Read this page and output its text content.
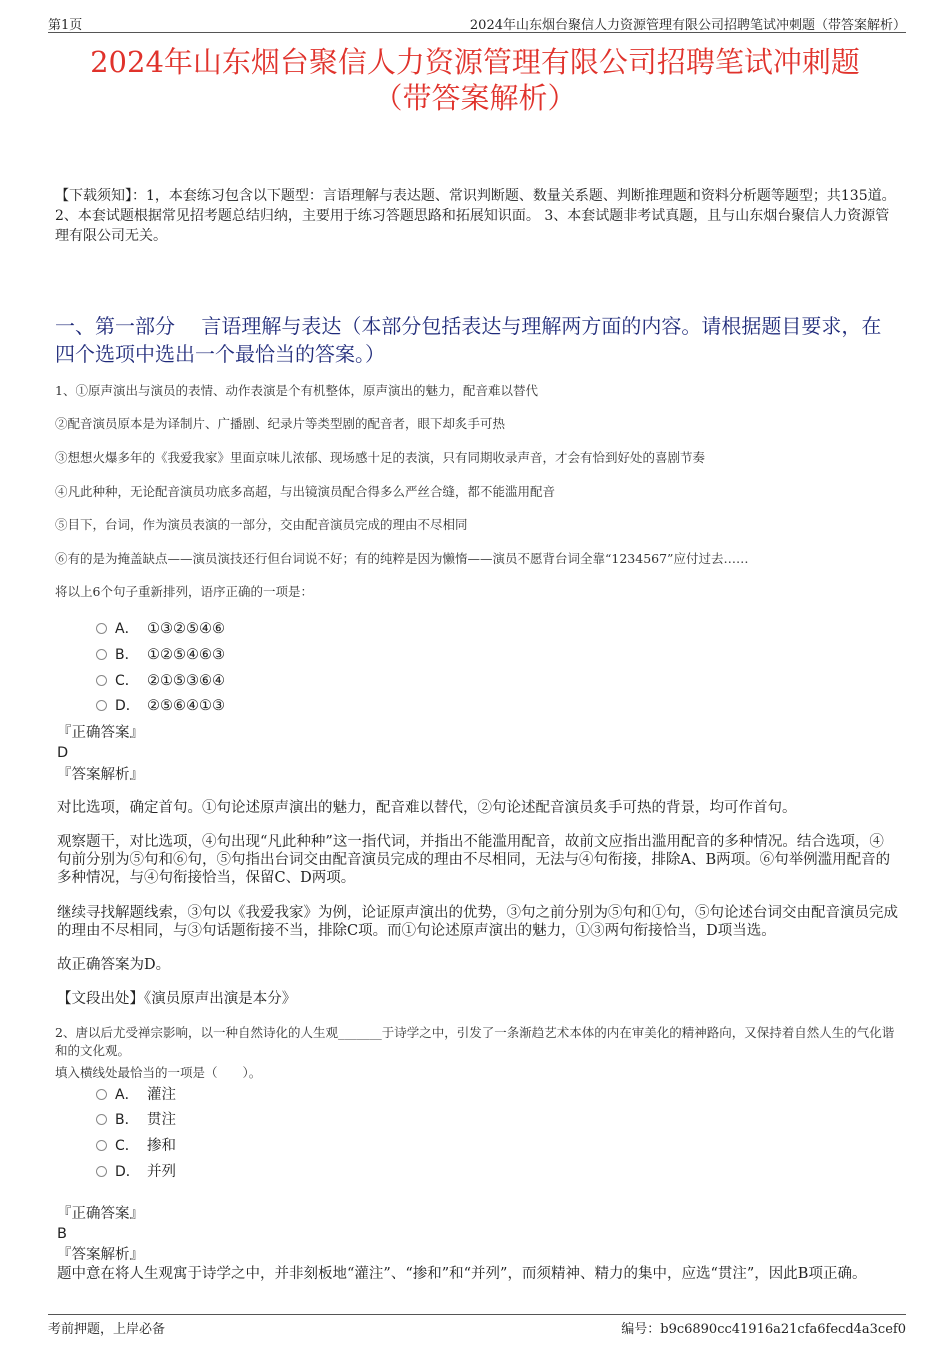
第1页	2024年山东烟台聚信人力资源管理有限公司招聘笔试冲刺题（带答案解析）
2024年山东烟台聚信人力资源管理有限公司招聘笔试冲刺题
（带答案解析）
【下载须知】：1，本套练习包含以下题型：言语理解与表达题、常识判断题、数量关系题、判断推理题和资料分析题等题型；共135道。 2、本套试题根据常见招考题总结归纳，主要用于练习答题思路和拓展知识面。 3、本套试题非考试真题，且与山东烟台聚信人力资源管理有限公司无关。
一、第一部分　 言语理解与表达（本部分包括表达与理解两方面的内容。请根据题目要求，在四个选项中选出一个最恰当的答案。）
1、①原声演出与演员的表情、动作表演是个有机整体，原声演出的魅力，配音难以替代
②配音演员原本是为译制片、广播剧、纪录片等类型剧的配音者，眼下却炙手可热
③想想火爆多年的《我爱我家》里面京味儿浓郁、现场感十足的表演，只有同期收录声音，才会有恰到好处的喜剧节奏
④凡此种种，无论配音演员功底多高超，与出镜演员配合得多么严丝合缝，都不能滥用配音
⑤目下，台词，作为演员表演的一部分，交由配音演员完成的理由不尽相同
⑥有的是为掩盖缺点——演员演技还行但台词说不好；有的纯粹是因为懒惰——演员不愿背台词全靠“1234567”应付过去……
将以上6个句子重新排列，语序正确的一项是：
A． ①③②⑤④⑥
B． ①②⑤④⑥③
C． ②①⑤③⑥④
D． ②⑤⑥④①③
『正确答案』
D
『答案解析』
对比选项，确定首句。①句论述原声演出的魅力，配音难以替代，②句论述配音演员炙手可热的背景，均可作首句。
观察题干，对比选项，④句出现“凡此种种”这一指代词，并指出不能滥用配音，故前文应指出滥用配音的多种情况。结合选项，④句前分别为⑤句和⑥句，⑤句指出台词交由配音演员完成的理由不尽相同，无法与④句衔接，排除A、B两项。⑥句举例滥用配音的多种情况，与④句衔接恰当，保留C、D两项。
继续寻找解题线索，③句以《我爱我家》为例，论证原声演出的优势，③句之前分别为⑤句和①句，⑤句论述台词交由配音演员完成的理由不尽相同，与③句话题衔接不当，排除C项。而①句论述原声演出的魅力，①③两句衔接恰当，D项当选。
故正确答案为D。
【文段出处】《演员原声出演是本分》
2、唐以后尤受禅宗影响，以一种自然诗化的人生观_______于诗学之中，引发了一条渐趋艺术本体的内在审美化的精神路向，又保持着自然人生的气化谐和的文化观。
填入横线处最恰当的一项是（　　）。
A． 灌注
B． 贯注
C． 掺和
D． 并列
『正确答案』
B
『答案解析』
题中意在将人生观寓于诗学之中，并非刻板地“灌注”、“掺和”和“并列”，而须精神、精力的集中，应选“贯注”，因此B项正确。
考前押题，上岸必备	编号：b9c6890cc41916a21cfa6fecd4a3cef0
